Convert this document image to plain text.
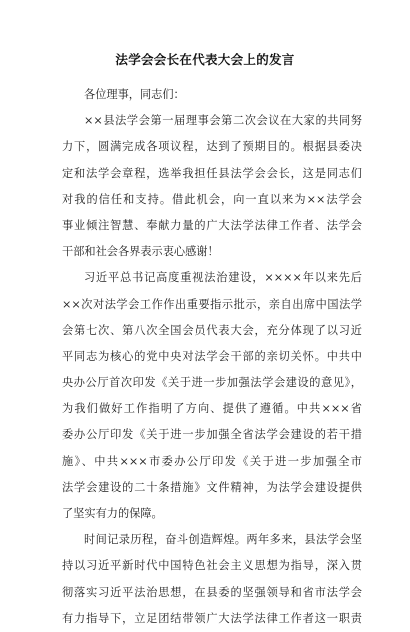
法学会会长在代表大会上的发言
各位理事，同志们：
××县法学会第一届理事会第二次会议在大家的共同努
力下，圆满完成各项议程，达到了预期目的。根据县委决
定和法学会章程，选举我担任县法学会会长，这是同志们
对我的信任和支持。借此机会，向一直以来为××法学会
事业倾注智慧、奉献力量的广大法学法律工作者、法学会
干部和社会各界表示衷心感谢！
习近平总书记高度重视法治建设，××××年以来先后
××次对法学会工作作出重要指示批示，亲自出席中国法学
会第七次、第八次全国会员代表大会，充分体现了以习近
平同志为核心的党中央对法学会干部的亲切关怀。中共中
央办公厅首次印发《关于进一步加强法学会建设的意见》，
为我们做好工作指明了方向、提供了遵循。中共×××省
委办公厅印发《关于进一步加强全省法学会建设的若干措
施》、中共×××市委办公厅印发《关于进一步加强全市
法学会建设的二十条措施》文件精神，为法学会建设提供
了坚实有力的保障。
时间记录历程，奋斗创造辉煌。两年多来，县法学会坚
持以习近平新时代中国特色社会主义思想为指导，深入贯
彻落实习近平法治思想，在县委的坚强领导和省市法学会
有力指导下，立足团结带领广大法学法律工作者这一职责
